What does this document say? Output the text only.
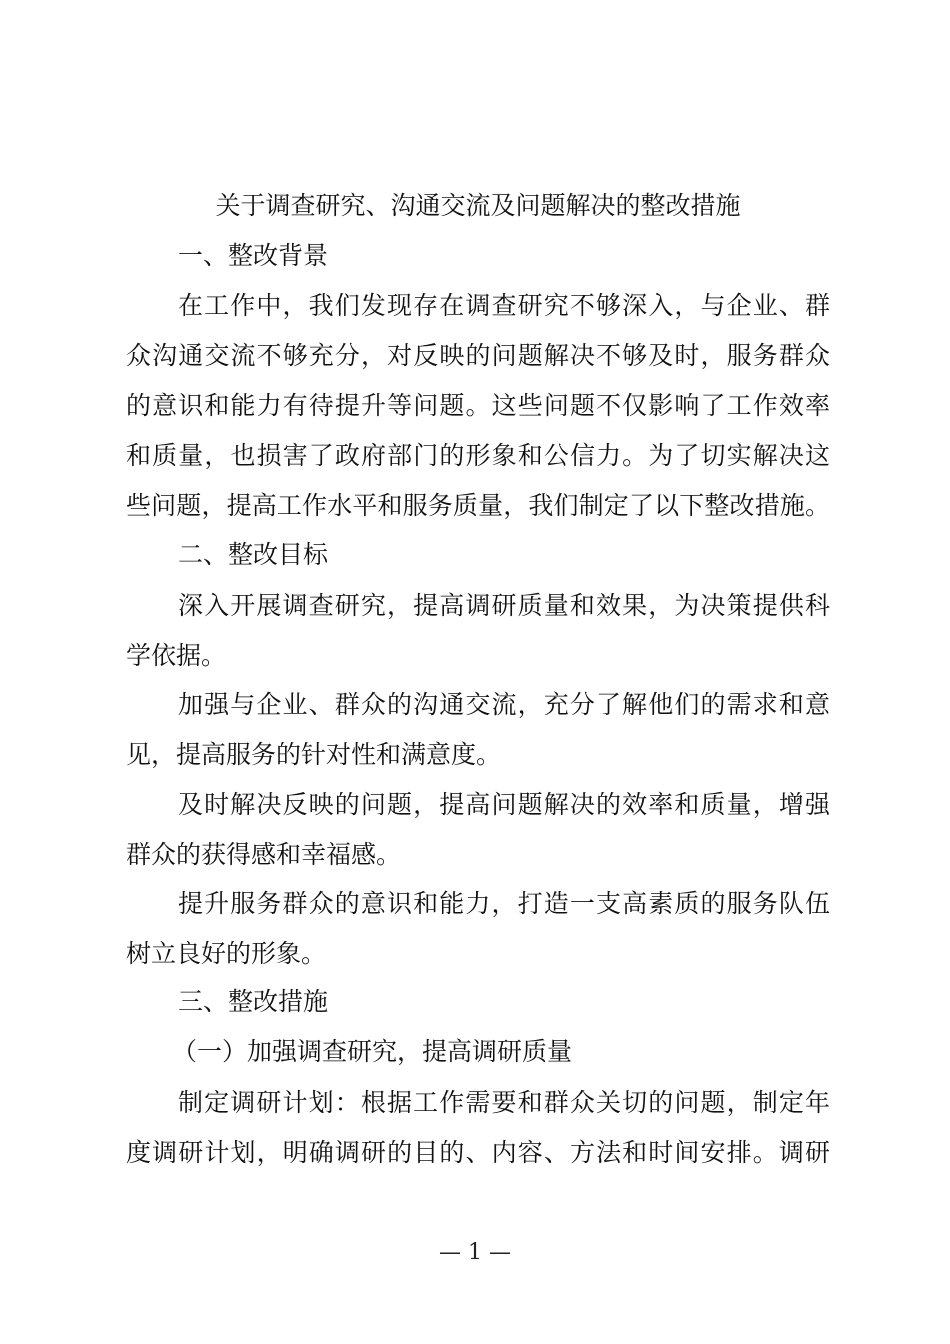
关于调查研究、沟通交流及问题解决的整改措施
一、整改背景
在工作中，我们发现存在调查研究不够深入，与企业、群
众沟通交流不够充分，对反映的问题解决不够及时，服务群众
的意识和能力有待提升等问题。这些问题不仅影响了工作效率
和质量，也损害了政府部门的形象和公信力。为了切实解决这
些问题，提高工作水平和服务质量，我们制定了以下整改措施。
二、整改目标
深入开展调查研究，提高调研质量和效果，为决策提供科
学依据。
加强与企业、群众的沟通交流，充分了解他们的需求和意
见，提高服务的针对性和满意度。
及时解决反映的问题，提高问题解决的效率和质量，增强
群众的获得感和幸福感。
提升服务群众的意识和能力，打造一支高素质的服务队伍
树立良好的形象。
三、整改措施
（一）加强调查研究，提高调研质量
制定调研计划：根据工作需要和群众关切的问题，制定年
度调研计划，明确调研的目的、内容、方法和时间安排。调研
— 1 —
